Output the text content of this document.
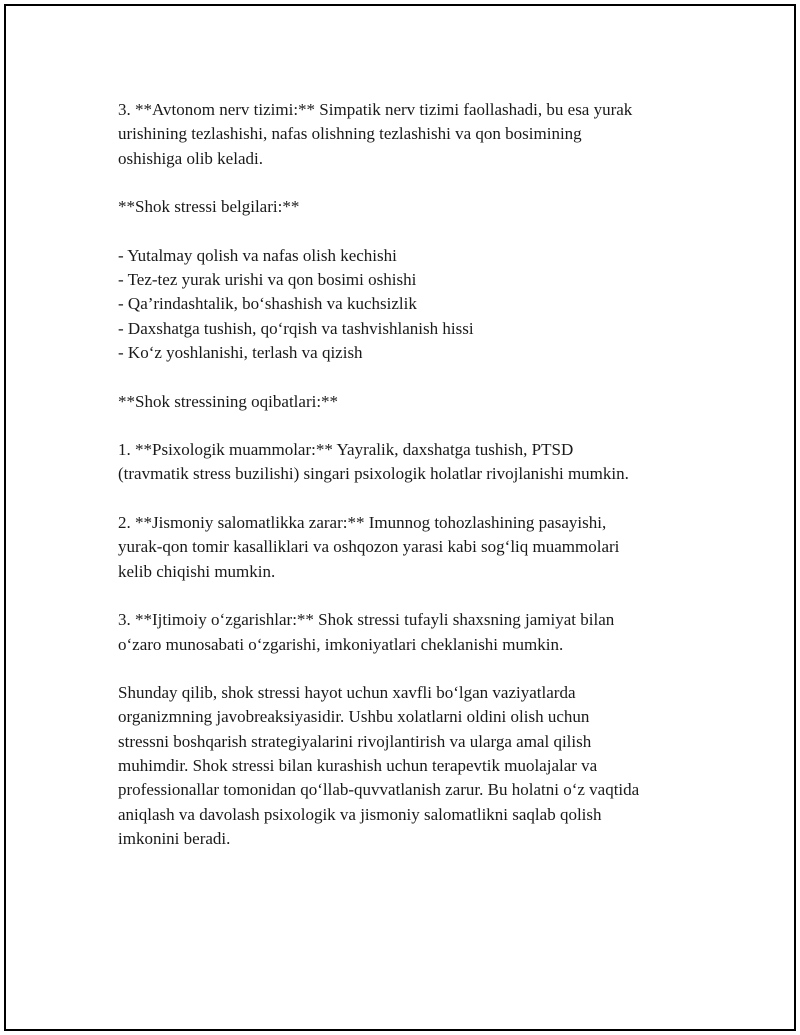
3. **Avtonom nerv tizimi:** Simpatik nerv tizimi faollashadi, bu esa yurak
urishining tezlashishi, nafas olishning tezlashishi va qon bosimining
oshishiga olib keladi.

**Shok stressi belgilari:**

- Yutalmay qolish va nafas olish kechishi
- Tez-tez yurak urishi va qon bosimi oshishi
- Qa’rindashtalik, bo‘shashish va kuchsizlik
- Daxshatga tushish, qo‘rqish va tashvishlanish hissi
- Ko‘z yoshlanishi, terlash va qizish

**Shok stressining oqibatlari:**

1. **Psixologik muammolar:** Yayralik, daxshatga tushish, PTSD
(travmatik stress buzilishi) singari psixologik holatlar rivojlanishi mumkin.

2. **Jismoniy salomatlikka zarar:** Imunnog tohozlashining pasayishi,
yurak-qon tomir kasalliklari va oshqozon yarasi kabi sog‘liq muammolari
kelib chiqishi mumkin.

3. **Ijtimoiy o‘zgarishlar:** Shok stressi tufayli shaxsning jamiyat bilan
o‘zaro munosabati o‘zgarishi, imkoniyatlari cheklanishi mumkin.

Shunday qilib, shok stressi hayot uchun xavfli bo‘lgan vaziyatlarda
organizmning javobreaksiyasidir. Ushbu xolatlarni oldini olish uchun
stressni boshqarish strategiyalarini rivojlantirish va ularga amal qilish
muhimdir. Shok stressi bilan kurashish uchun terapevtik muolajalar va
professionallar tomonidan qo‘llab-quvvatlanish zarur. Bu holatni o‘z vaqtida
aniqlash va davolash psixologik va jismoniy salomatlikni saqlab qolish
imkonini beradi.
